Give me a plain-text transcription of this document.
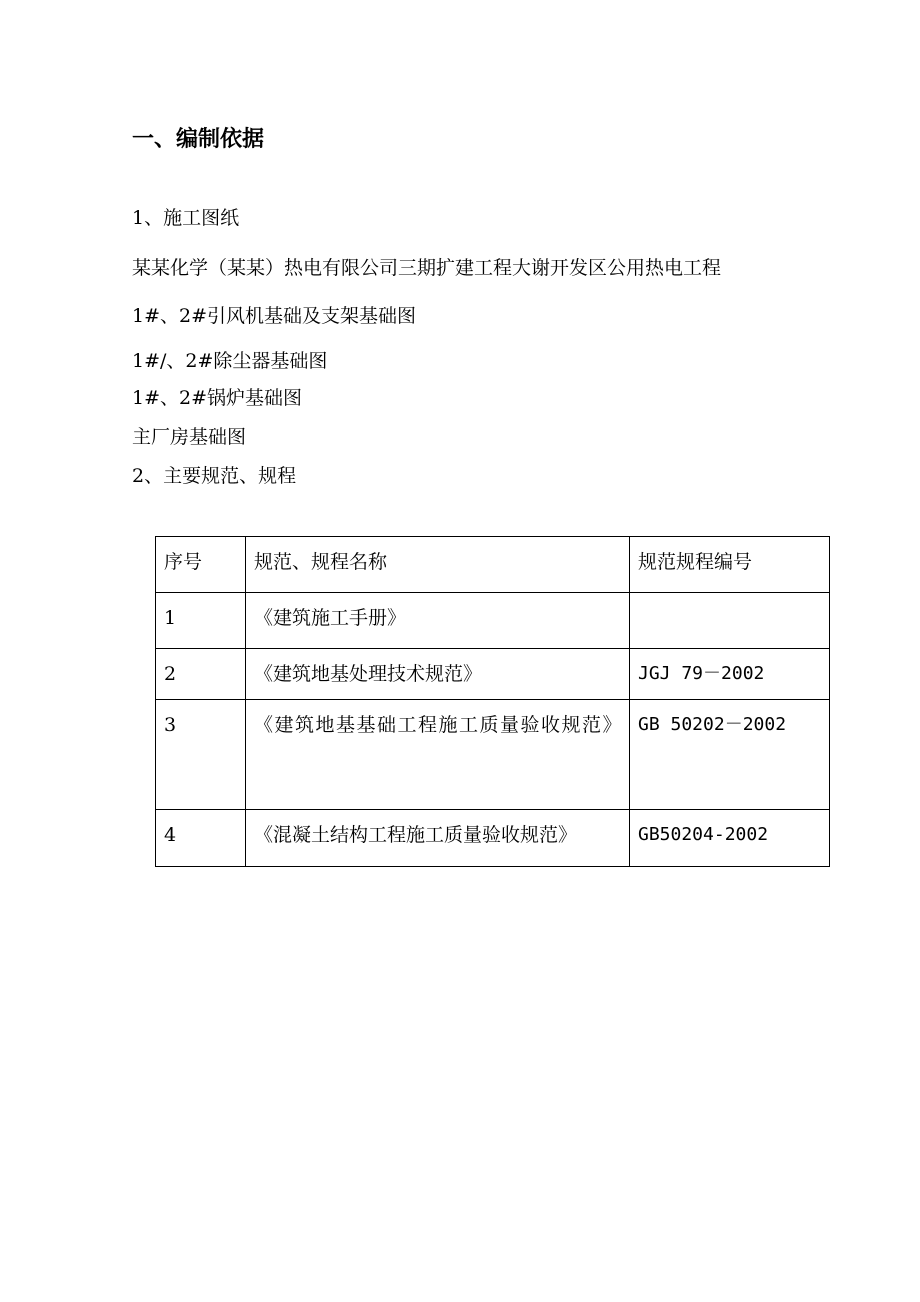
一、编制依据

1、施工图纸

某某化学（某某）热电有限公司三期扩建工程大谢开发区公用热电工程

1#、2#引风机基础及支架基础图

1#/、2#除尘器基础图

1#、2#锅炉基础图

主厂房基础图

2、主要规范、规程

序号	规范、规程名称	规范规程编号

1	《建筑施工手册》	

2	《建筑地基处理技术规范》	JGJ 79－2002

3	《建筑地基基础工程施工质量验收规范》	GB 50202－2002

4	《混凝土结构工程施工质量验收规范》	GB50204-2002
